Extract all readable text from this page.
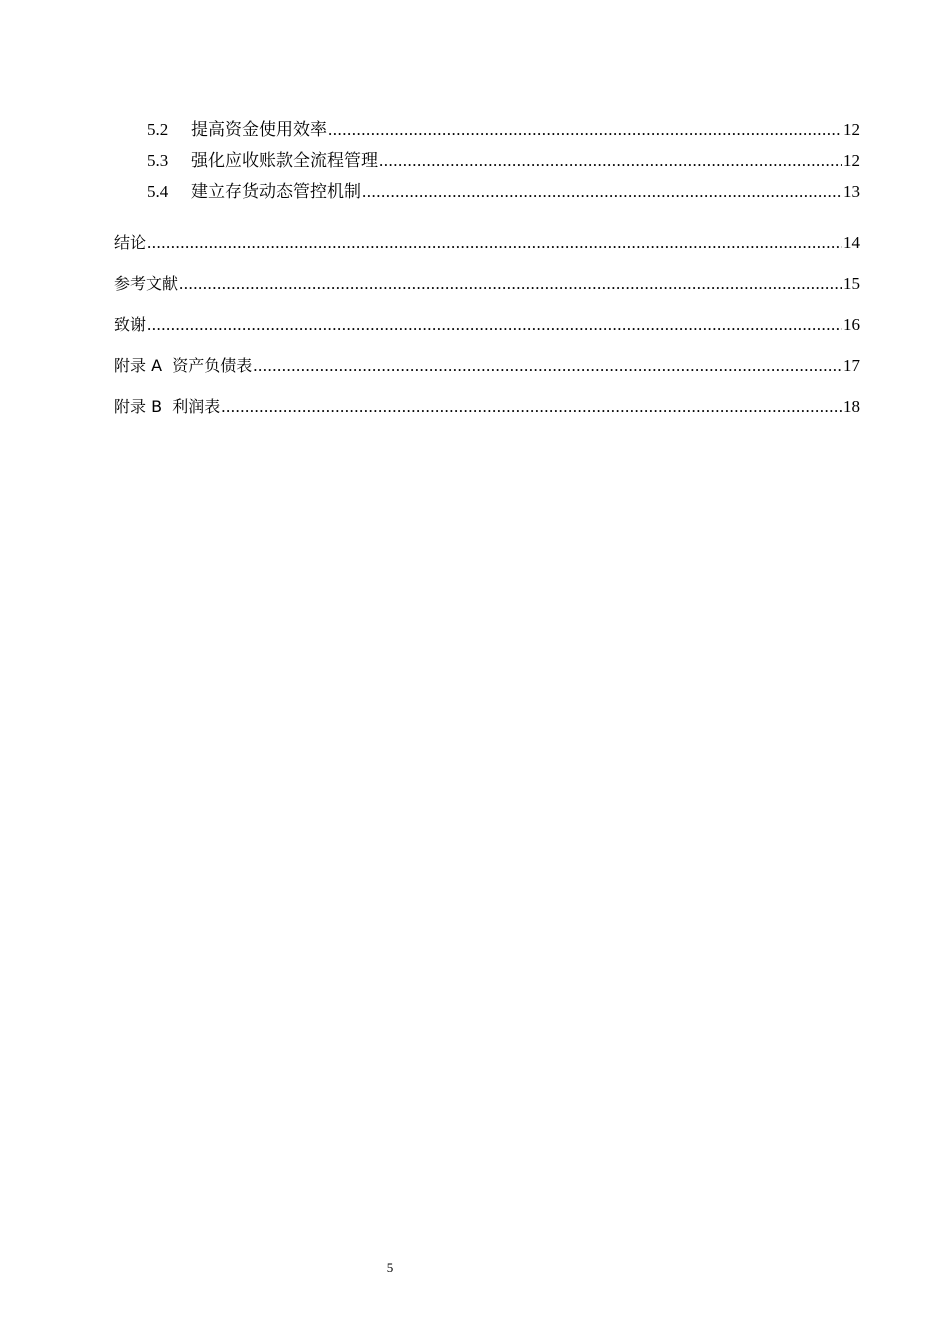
5.2	提高资金使用效率 .....	12
5.3	强化应收账款全流程管理 .....	12
5.4	建立存货动态管控机制 .....	13
结论 .....	14
参考文献 .....	15
致谢 .....	16
附录 A  资产负债表 .....	17
附录 B  利润表 .....	18
5
